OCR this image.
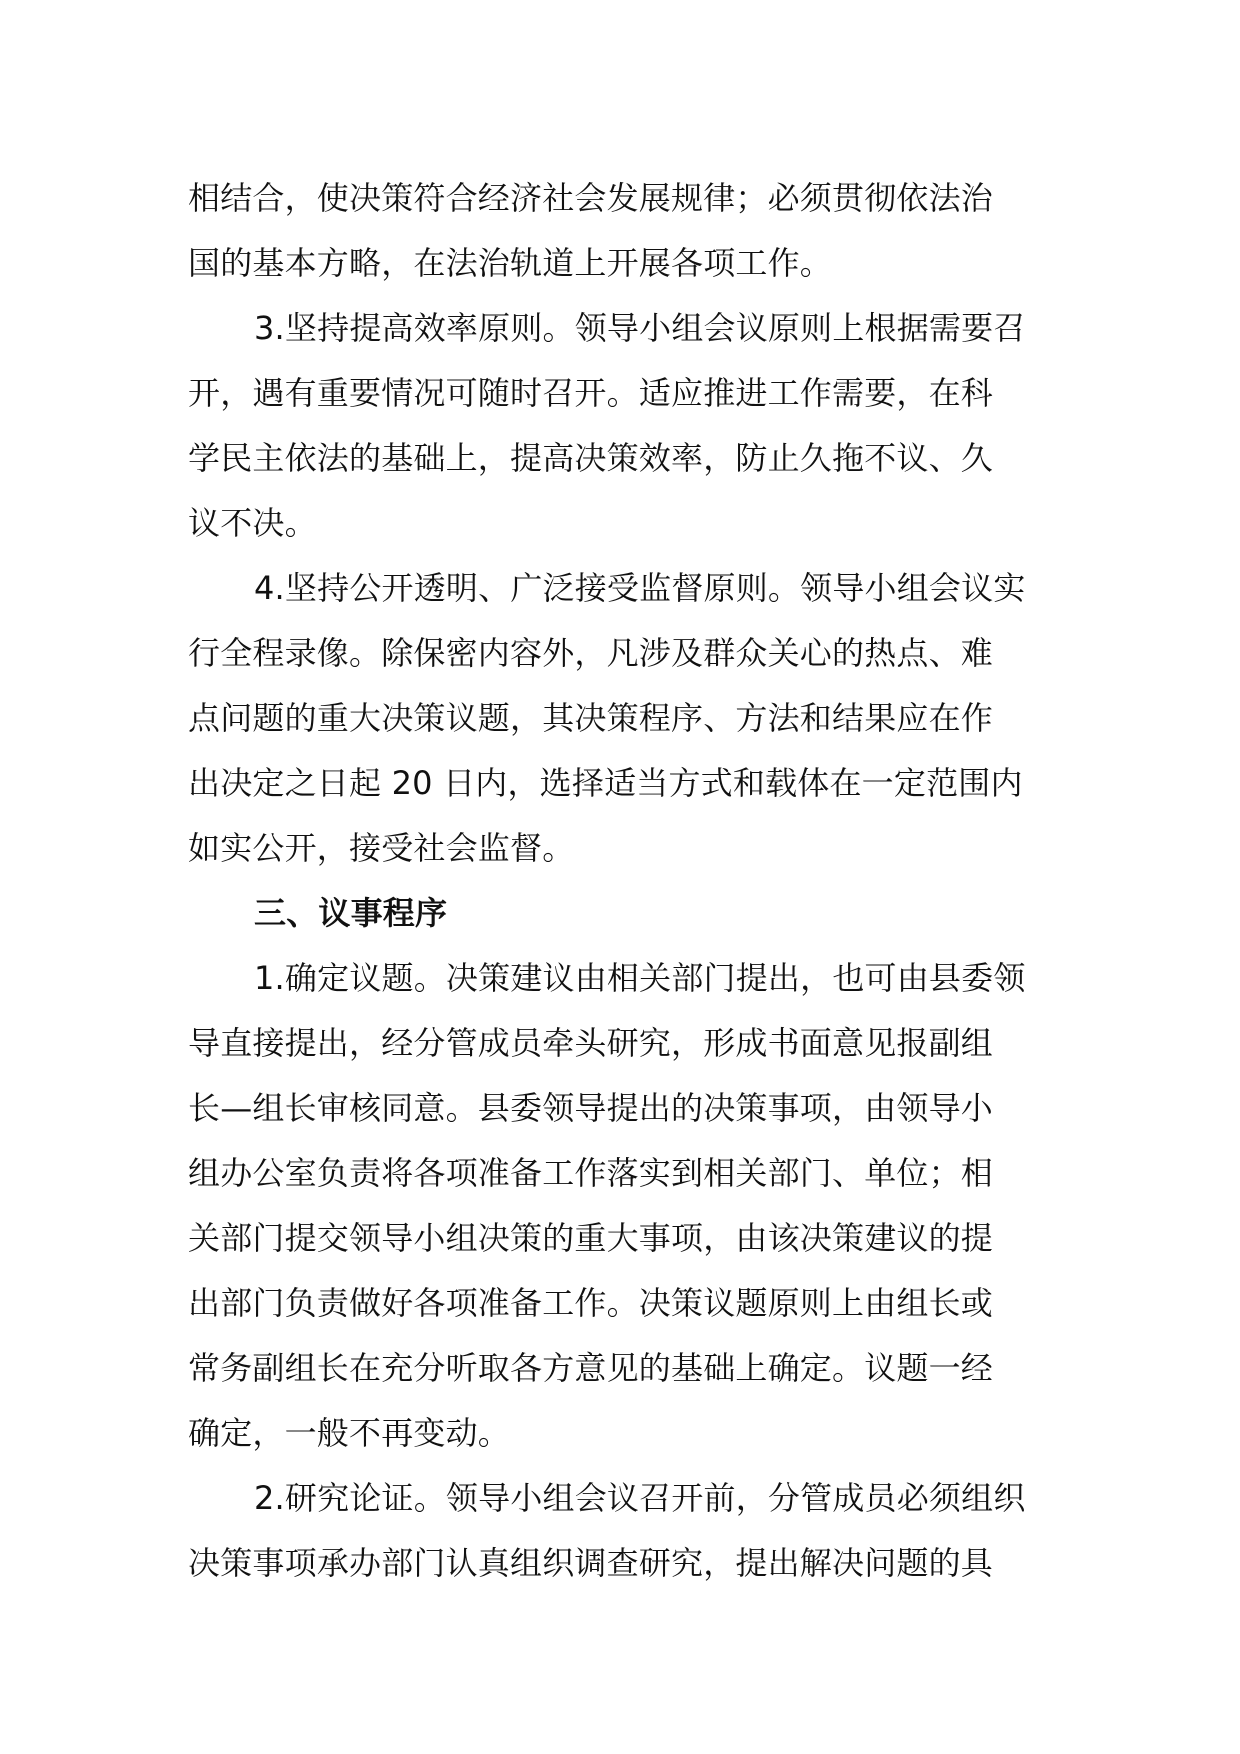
相结合，使决策符合经济社会发展规律；必须贯彻依法治
国的基本方略，在法治轨道上开展各项工作。
3.坚持提高效率原则。领导小组会议原则上根据需要召
开，遇有重要情况可随时召开。适应推进工作需要，在科
学民主依法的基础上，提高决策效率，防止久拖不议、久
议不决。
4.坚持公开透明、广泛接受监督原则。领导小组会议实
行全程录像。除保密内容外，凡涉及群众关心的热点、难
点问题的重大决策议题，其决策程序、方法和结果应在作
出决定之日起 20 日内，选择适当方式和载体在一定范围内
如实公开，接受社会监督。
三、议事程序
1.确定议题。决策建议由相关部门提出，也可由县委领
导直接提出，经分管成员牵头研究，形成书面意见报副组
长—组长审核同意。县委领导提出的决策事项，由领导小
组办公室负责将各项准备工作落实到相关部门、单位；相
关部门提交领导小组决策的重大事项，由该决策建议的提
出部门负责做好各项准备工作。决策议题原则上由组长或
常务副组长在充分听取各方意见的基础上确定。议题一经
确定，一般不再变动。
2.研究论证。领导小组会议召开前，分管成员必须组织
决策事项承办部门认真组织调查研究，提出解决问题的具
